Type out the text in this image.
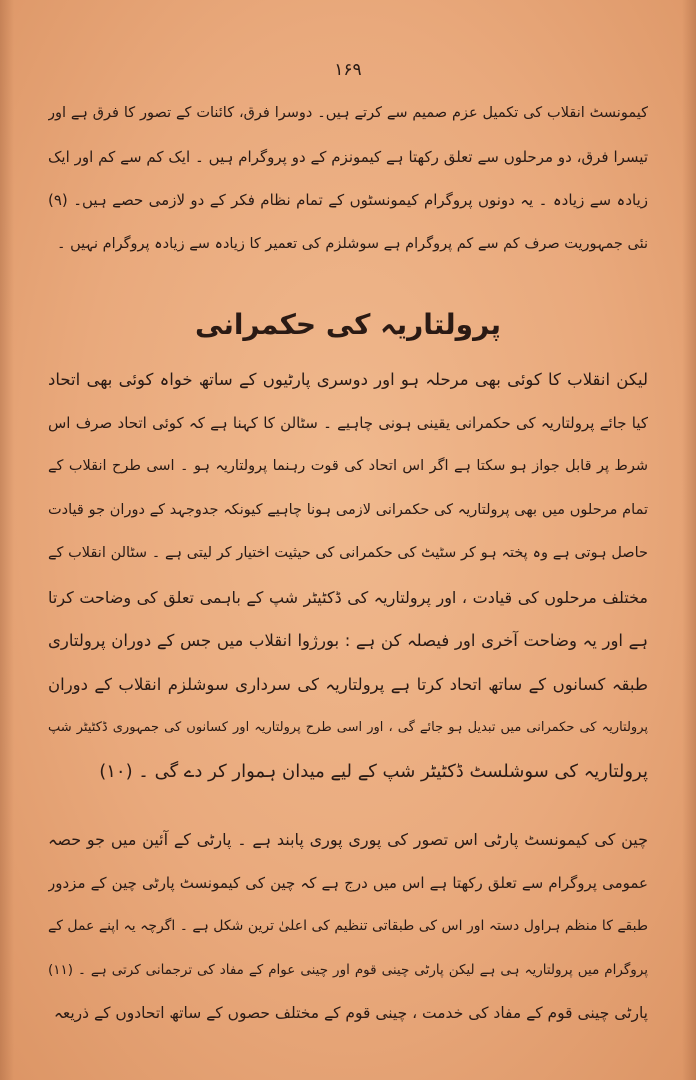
۱۶۹
کیمونسٹ انقلاب کی تکمیل عزم صمیم سے کرتے ہیں۔ دوسرا فرق، کائنات کے تصور کا فرق ہے اور
تیسرا فرق، دو مرحلوں سے تعلق رکھتا ہے کیمونزم کے دو پروگرام ہیں ۔ ایک کم سے کم اور ایک
زیادہ سے زیادہ ۔ یہ دونوں پروگرام کیمونسٹوں کے تمام نظام فکر کے دو لازمی حصے ہیں۔ (۹)
نئی جمہوریت صرف کم سے کم پروگرام ہے سوشلزم کی تعمیر کا زیادہ سے زیادہ پروگرام نہیں ۔
پرولتاریہ کی حکمرانی
لیکن انقلاب کا کوئی بھی مرحلہ ہو اور دوسری پارٹیوں کے ساتھ خواہ کوئی بھی اتحاد
کیا جائے پرولتاریہ کی حکمرانی یقینی ہونی چاہیے ۔ سٹالن کا کہنا ہے کہ کوئی اتحاد صرف اس
شرط پر قابل جواز ہو سکتا ہے اگر اس اتحاد کی قوت رہنما پرولتاریہ ہو ۔ اسی طرح انقلاب کے
تمام مرحلوں میں بھی پرولتاریہ کی حکمرانی لازمی ہونا چاہیے کیونکہ جدوجہد کے دوران جو قیادت
حاصل ہوتی ہے وہ پختہ ہو کر سٹیٹ کی حکمرانی کی حیثیت اختیار کر لیتی ہے ۔ سٹالن انقلاب کے
مختلف مرحلوں کی قیادت ، اور پرولتاریہ کی ڈکٹیٹر شپ کے باہمی تعلق کی وضاحت کرتا
ہے اور یہ وضاحت آخری اور فیصلہ کن ہے : بورژوا انقلاب میں جس کے دوران پرولتاری
طبقہ کسانوں کے ساتھ اتحاد کرتا ہے پرولتاریہ کی سرداری سوشلزم انقلاب کے دوران
پرولتاریہ کی حکمرانی میں تبدیل ہو جائے گی ، اور اسی طرح پرولتاریہ اور کسانوں کی جمہوری ڈکٹیٹر شپ
پرولتاریہ کی سوشلسٹ ڈکٹیٹر شپ کے لیے میدان ہموار کر دے گی ۔ (۱۰)
چین کی کیمونسٹ پارٹی اس تصور کی پوری پوری پابند ہے ۔ پارٹی کے آئین میں جو حصہ
عمومی پروگرام سے تعلق رکھتا ہے اس میں درج ہے کہ چین کی کیمونسٹ پارٹی چین کے مزدور
طبقے کا منظم ہراول دستہ اور اس کی طبقاتی تنظیم کی اعلیٰ ترین شکل ہے ۔ اگرچہ یہ اپنے عمل کے
پروگرام میں پرولتاریہ ہی ہے لیکن پارٹی چینی قوم اور چینی عوام کے مفاد کی ترجمانی کرتی ہے ۔ (۱۱)
پارٹی چینی قوم کے مفاد کی خدمت ، چینی قوم کے مختلف حصوں کے ساتھ اتحادوں کے ذریعہ
